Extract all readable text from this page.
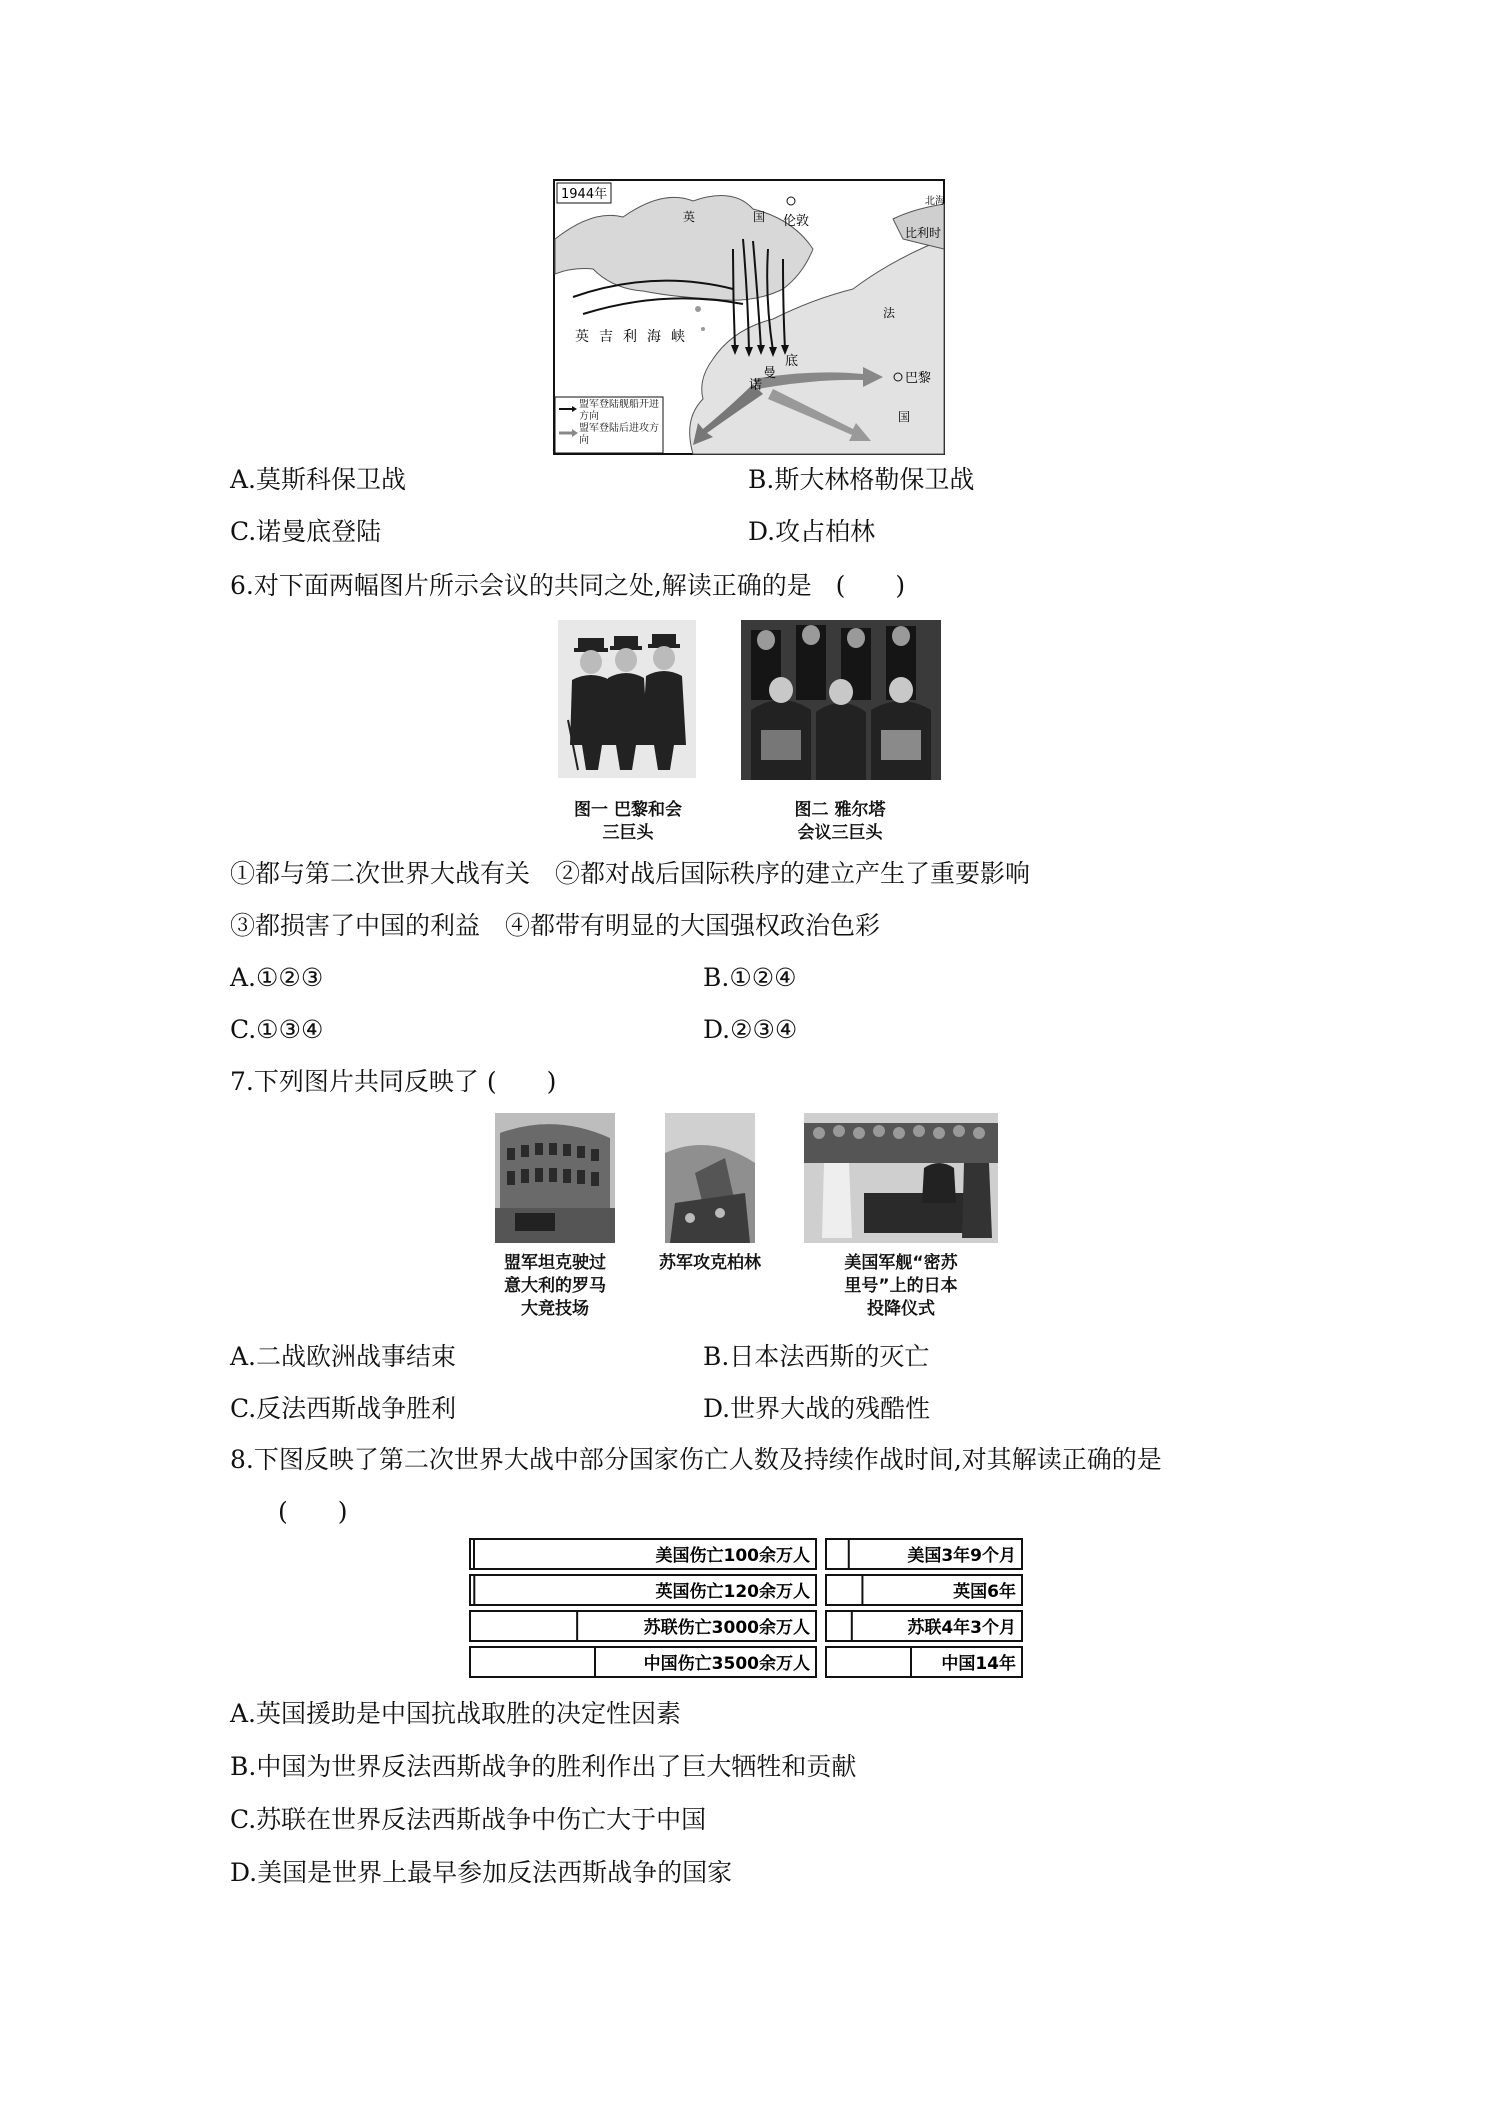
1944年
英	国 伦敦
比利时
北海
英吉利海峡
法
巴黎
国
诺
曼
底
盟军登陆舰船开进方向
盟军登陆后进攻方向
A.莫斯科保卫战	B.斯大林格勒保卫战
C.诺曼底登陆	D.攻占柏林
6.对下面两幅图片所示会议的共同之处,解读正确的是 (　　)
图一 巴黎和会
三巨头
图二 雅尔塔
会议三巨头
①都与第二次世界大战有关　②都对战后国际秩序的建立产生了重要影响
③都损害了中国的利益　④都带有明显的大国强权政治色彩
A.①②③	B.①②④
C.①③④	D.②③④
7.下列图片共同反映了 (　　)
盟军坦克驶过
意大利的罗马
大竞技场
苏军攻克柏林	美国军舰“密苏
里号”上的日本
投降仪式
A.二战欧洲战事结束	B.日本法西斯的灭亡
C.反法西斯战争胜利	D.世界大战的残酷性
8.下图反映了第二次世界大战中部分国家伤亡人数及持续作战时间,对其解读正确的是
(　　)
美国伤亡100余万人
英国伤亡120余万人
苏联伤亡3000余万人
中国伤亡3500余万人
美国3年9个月
英国6年
苏联4年3个月
中国14年
A.英国援助是中国抗战取胜的决定性因素
B.中国为世界反法西斯战争的胜利作出了巨大牺牲和贡献
C.苏联在世界反法西斯战争中伤亡大于中国
D.美国是世界上最早参加反法西斯战争的国家
